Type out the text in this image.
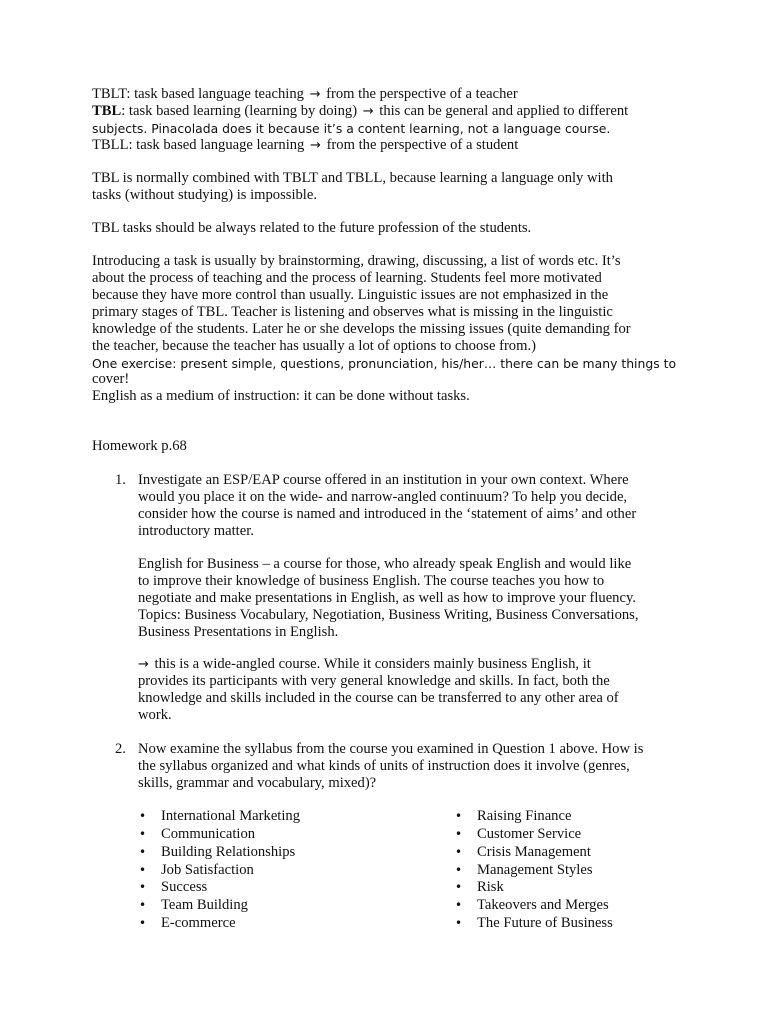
TBLT: task based language teaching → from the perspective of a teacher
TBL: task based learning (learning by doing) → this can be general and applied to different
subjects. Pinacolada does it because it’s a content learning, not a language course.
TBLL: task based language learning → from the perspective of a student
TBL is normally combined with TBLT and TBLL, because learning a language only with
tasks (without studying) is impossible.
TBL tasks should be always related to the future profession of the students.
Introducing a task is usually by brainstorming, drawing, discussing, a list of words etc. It’s
about the process of teaching and the process of learning. Students feel more motivated
because they have more control than usually. Linguistic issues are not emphasized in the
primary stages of TBL. Teacher is listening and observes what is missing in the linguistic
knowledge of the students. Later he or she develops the missing issues (quite demanding for
the teacher, because the teacher has usually a lot of options to choose from.)
One exercise: present simple, questions, pronunciation, his/her… there can be many things to
cover!
English as a medium of instruction: it can be done without tasks.
Homework p.68
1. Investigate an ESP/EAP course offered in an institution in your own context. Where
would you place it on the wide- and narrow-angled continuum? To help you decide,
consider how the course is named and introduced in the ‘statement of aims’ and other
introductory matter.
English for Business – a course for those, who already speak English and would like
to improve their knowledge of business English. The course teaches you how to
negotiate and make presentations in English, as well as how to improve your fluency.
Topics: Business Vocabulary, Negotiation, Business Writing, Business Conversations,
Business Presentations in English.
→ this is a wide-angled course. While it considers mainly business English, it
provides its participants with very general knowledge and skills. In fact, both the
knowledge and skills included in the course can be transferred to any other area of
work.
2. Now examine the syllabus from the course you examined in Question 1 above. How is
the syllabus organized and what kinds of units of instruction does it involve (genres,
skills, grammar and vocabulary, mixed)?
• International Marketing
• Communication
• Building Relationships
• Job Satisfaction
• Success
• Team Building
• E-commerce
• Raising Finance
• Customer Service
• Crisis Management
• Management Styles
• Risk
• Takeovers and Merges
• The Future of Business
